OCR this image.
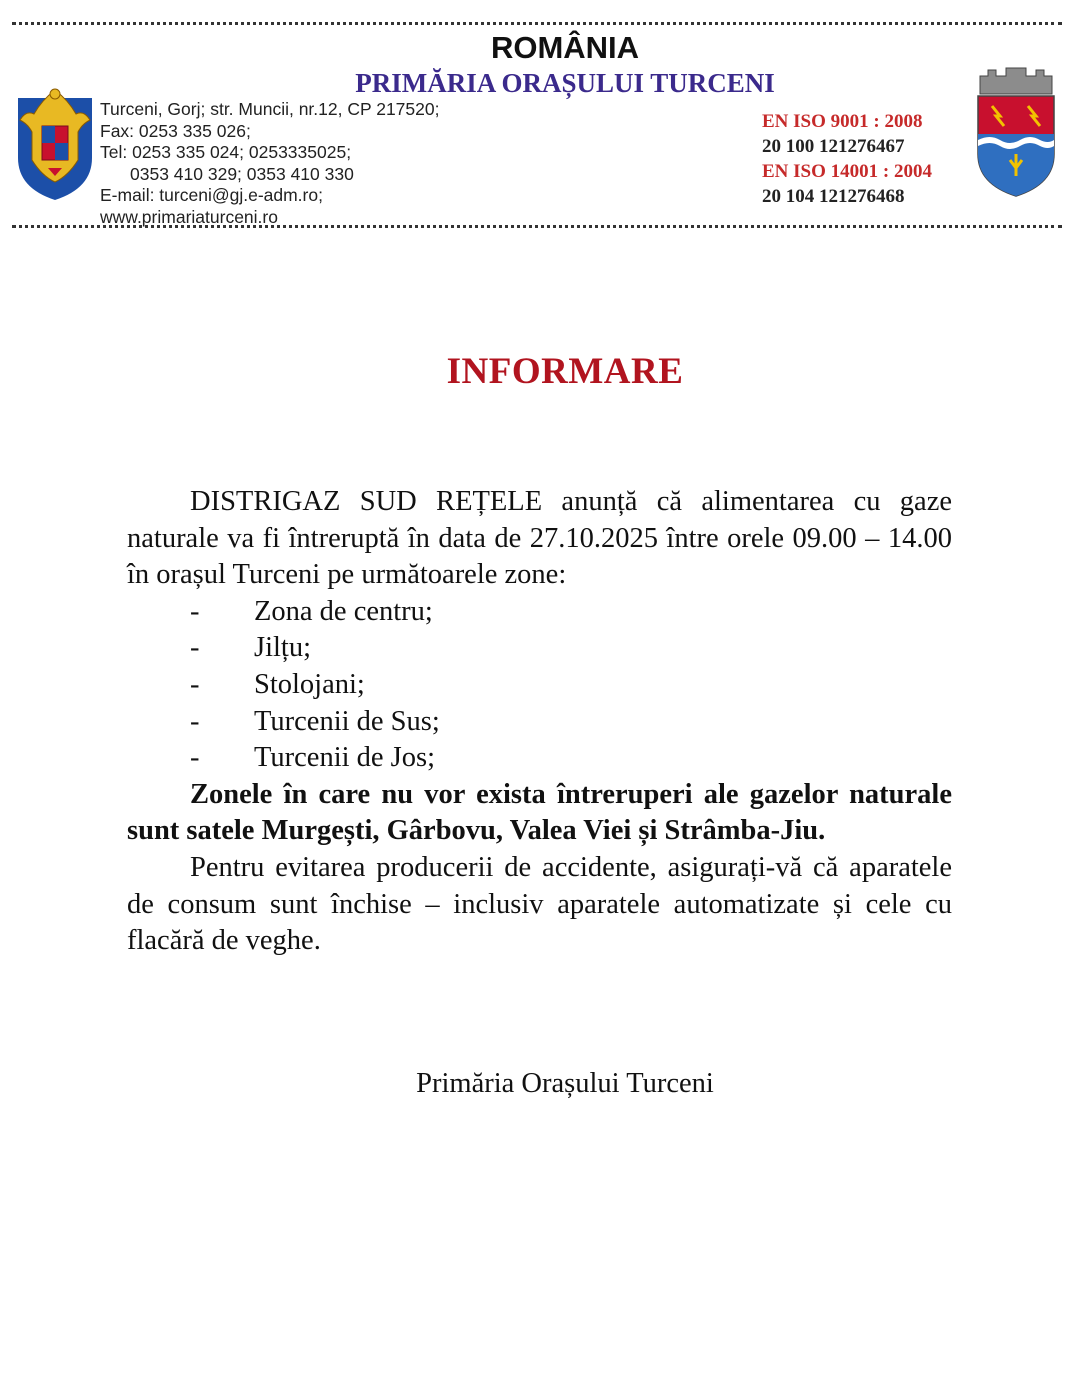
ROMÂNIA
PRIMĂRIA ORAȘULUI TURCENI
Turceni, Gorj; str. Muncii, nr.12, CP 217520;
Fax: 0253 335 026;
Tel: 0253 335 024; 0253335025;
0353 410 329; 0353 410 330
E-mail: turceni@gj.e-adm.ro;
www.primariaturceni.ro
EN ISO 9001 : 2008
20 100 121276467
EN ISO 14001 : 2004
20 104 121276468
INFORMARE

DISTRIGAZ SUD REȚELE anunță că alimentarea cu gaze naturale va fi întreruptă în data de 27.10.2025 între orele 09.00 – 14.00 în orașul Turceni pe următoarele zone:

- Zona de centru;
- Jilțu;
- Stolojani;
- Turcenii de Sus;
- Turcenii de Jos;

Zonele în care nu vor exista întreruperi ale gazelor naturale sunt satele Murgești, Gârbovu, Valea Viei și Strâmba-Jiu.

Pentru evitarea producerii de accidente, asigurați-vă că aparatele de consum sunt închise – inclusiv aparatele automatizate și cele cu flacără de veghe.

Primăria Orașului Turceni
